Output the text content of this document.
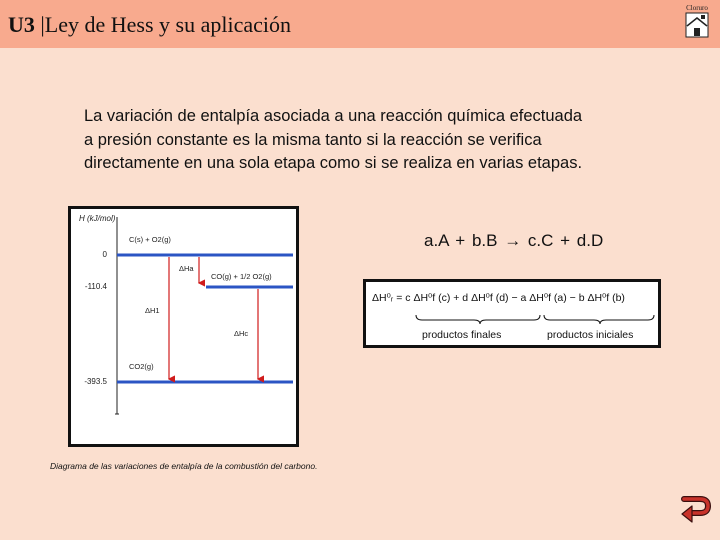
U3 |Ley de Hess y su aplicación
Cloruro
La variación de entalpía asociada a una reacción química efectuada a presión constante es la misma tanto si la reacción se verifica directamente en una sola etapa como si se realiza en varias etapas.
H (kJ/mol)
0
-110.4
-393.5
C(s) + O2(g)
CO(g) + 1/2 O2(g)
CO2(g)
ΔHa
ΔH1
ΔHc
Diagrama de las variaciones de entalpía de la combustión del carbono.
a.A + b.B → c.C + d.D
ΔH⁰ᵣ = c ΔH⁰f (c) + d ΔH⁰f (d) − a ΔH⁰f (a) − b ΔH⁰f (b)
productos finales	productos iniciales
